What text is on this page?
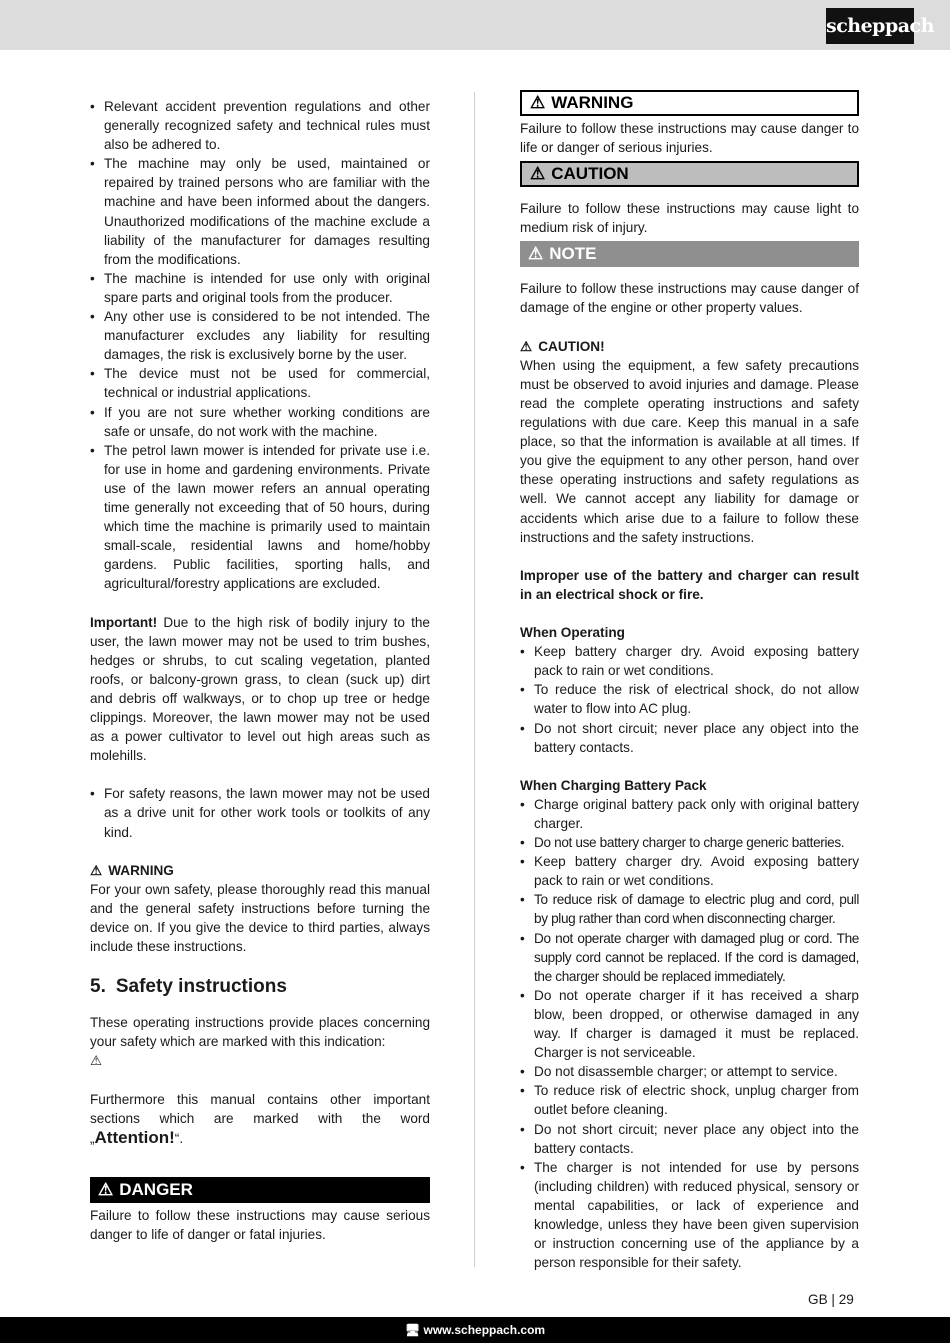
scheppach
• Relevant accident prevention regulations and other generally recognized safety and technical rules must also be adhered to.
• The machine may only be used, maintained or repaired by trained persons who are familiar with the machine and have been informed about the dangers. Unauthorized modifications of the machine exclude a liability of the manufacturer for damages resulting from the modifications.
• The machine is intended for use only with original spare parts and original tools from the producer.
• Any other use is considered to be not intended. The manufacturer excludes any liability for resulting damages, the risk is exclusively borne by the user.
• The device must not be used for commercial, technical or industrial applications.
• If you are not sure whether working conditions are safe or unsafe, do not work with the machine.
• The petrol lawn mower is intended for private use i.e. for use in home and gardening environments. Private use of the lawn mower refers an annual operating time generally not exceeding that of 50 hours, during which time the machine is primarily used to maintain small-scale, residential lawns and home/hobby gardens. Public facilities, sporting halls, and agricultural/forestry applications are excluded.

Important! Due to the high risk of bodily injury to the user, the lawn mower may not be used to trim bushes, hedges or shrubs, to cut scaling vegetation, planted roofs, or balcony-grown grass, to clean (suck up) dirt and debris off walkways, or to chop up tree or hedge clippings. Moreover, the lawn mower may not be used as a power cultivator to level out high areas such as molehills.

• For safety reasons, the lawn mower may not be used as a drive unit for other work tools or toolkits of any kind.

⚠ WARNING

For your own safety, please thoroughly read this manual and the general safety instructions before turning the device on. If you give the device to third parties, always include these instructions.

5. Safety instructions

These operating instructions provide places concerning your safety which are marked with this indication:

⚠

Furthermore this manual contains other important sections which are marked with the word „Attention!“.

⚠ DANGER

Failure to follow these instructions may cause serious danger to life of danger or fatal injuries.

⚠ WARNING

Failure to follow these instructions may cause danger to life or danger of serious injuries.

⚠ CAUTION

Failure to follow these instructions may cause light to medium risk of injury.

⚠ NOTE

Failure to follow these instructions may cause danger of damage of the engine or other property values.

⚠ CAUTION!

When using the equipment, a few safety precautions must be observed to avoid injuries and damage. Please read the complete operating instructions and safety regulations with due care. Keep this manual in a safe place, so that the information is available at all times. If you give the equipment to any other person, hand over these operating instructions and safety regulations as well. We cannot accept any liability for damage or accidents which arise due to a failure to follow these instructions and the safety instructions.

Improper use of the battery and charger can result in an electrical shock or fire.

When Operating

• Keep battery charger dry. Avoid exposing battery pack to rain or wet conditions.
• To reduce the risk of electrical shock, do not allow water to flow into AC plug.
• Do not short circuit; never place any object into the battery contacts.

When Charging Battery Pack

• Charge original battery pack only with original battery charger.
• Do not use battery charger to charge generic batteries.
• Keep battery charger dry. Avoid exposing battery pack to rain or wet conditions.
• To reduce risk of damage to electric plug and cord, pull by plug rather than cord when disconnecting charger.
• Do not operate charger with damaged plug or cord. The supply cord cannot be replaced. If the cord is damaged, the charger should be replaced immediately.
• Do not operate charger if it has received a sharp blow, been dropped, or otherwise damaged in any way. If charger is damaged it must be replaced. Charger is not serviceable.
• Do not disassemble charger; or attempt to service.
• To reduce risk of electric shock, unplug charger from outlet before cleaning.
• Do not short circuit; never place any object into the battery contacts.
• The charger is not intended for use by persons (including children) with reduced physical, sensory or mental capabilities, or lack of experience and knowledge, unless they have been given supervision or instruction concerning use of the appliance by a person responsible for their safety.
GB | 29
🖥 www.scheppach.com
